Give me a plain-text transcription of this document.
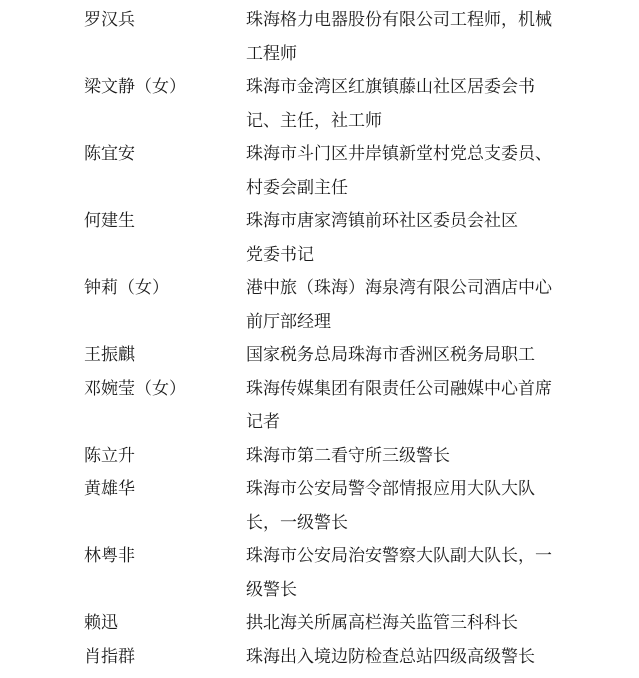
罗汉兵	珠海格力电器股份有限公司工程师，机械
工程师
梁文静（女）	珠海市金湾区红旗镇藤山社区居委会书
记、主任，社工师
陈宜安	珠海市斗门区井岸镇新堂村党总支委员、
村委会副主任
何建生	珠海市唐家湾镇前环社区委员会社区
党委书记
钟莉（女）	港中旅（珠海）海泉湾有限公司酒店中心
前厅部经理
王振麒	国家税务总局珠海市香洲区税务局职工
邓婉莹（女）	珠海传媒集团有限责任公司融媒中心首席
记者
陈立升	珠海市第二看守所三级警长
黄雄华	珠海市公安局警令部情报应用大队大队
长，一级警长
林粤非	珠海市公安局治安警察大队副大队长，一
级警长
赖迅	拱北海关所属高栏海关监管三科科长
肖指群	珠海出入境边防检查总站四级高级警长
